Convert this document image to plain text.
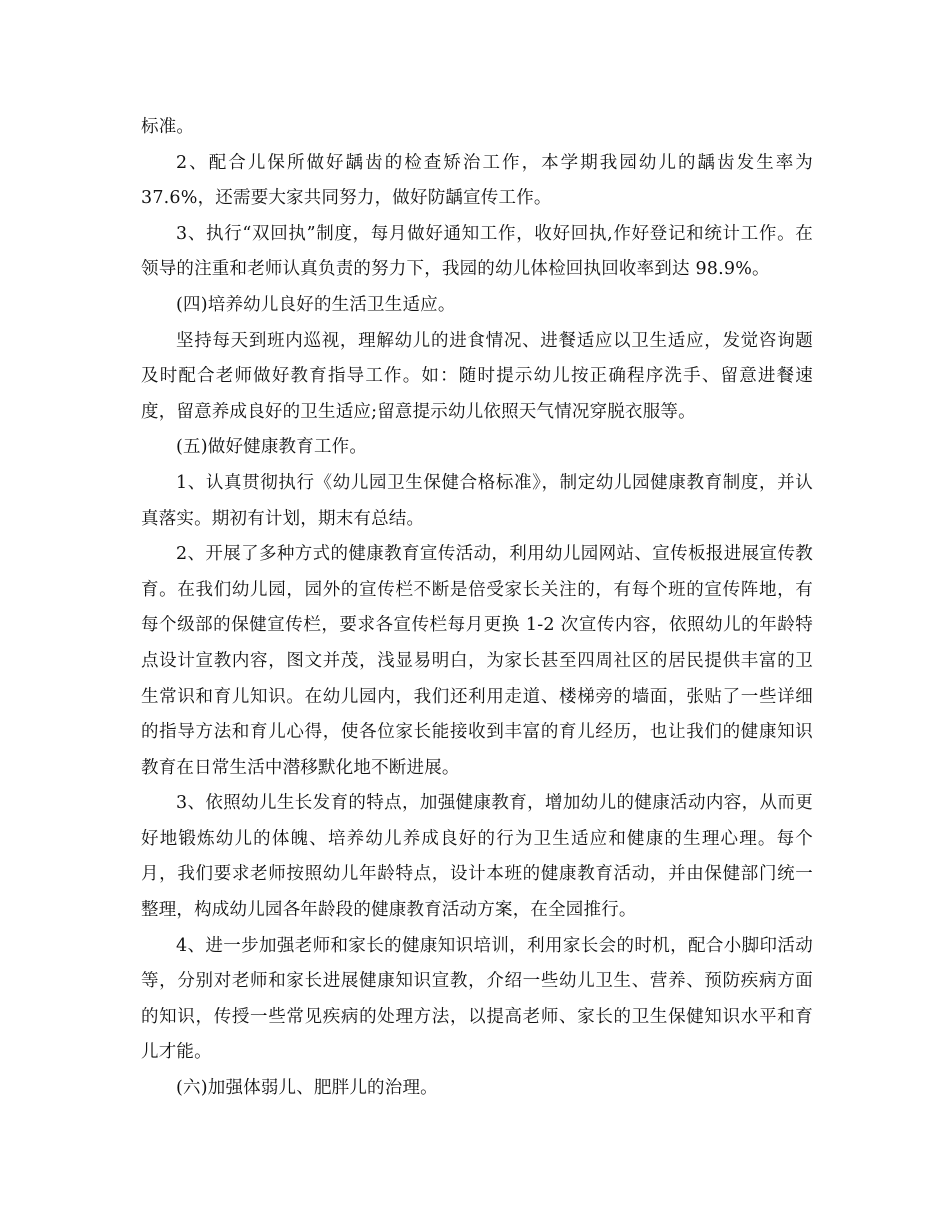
标准。

2、配合儿保所做好龋齿的检查矫治工作，本学期我园幼儿的龋齿发生率为37.6%，还需要大家共同努力，做好防龋宣传工作。

3、执行“双回执”制度，每月做好通知工作，收好回执,作好登记和统计工作。在领导的注重和老师认真负责的努力下，我园的幼儿体检回执回收率到达 98.9%。

(四)培养幼儿良好的生活卫生适应。

坚持每天到班内巡视，理解幼儿的进食情况、进餐适应以卫生适应，发觉咨询题及时配合老师做好教育指导工作。如：随时提示幼儿按正确程序洗手、留意进餐速度，留意养成良好的卫生适应;留意提示幼儿依照天气情况穿脱衣服等。

(五)做好健康教育工作。

1、认真贯彻执行《幼儿园卫生保健合格标准》，制定幼儿园健康教育制度，并认真落实。期初有计划，期末有总结。

2、开展了多种方式的健康教育宣传活动，利用幼儿园网站、宣传板报进展宣传教育。在我们幼儿园，园外的宣传栏不断是倍受家长关注的，有每个班的宣传阵地，有每个级部的保健宣传栏，要求各宣传栏每月更换 1-2 次宣传内容，依照幼儿的年龄特点设计宣教内容，图文并茂，浅显易明白，为家长甚至四周社区的居民提供丰富的卫生常识和育儿知识。在幼儿园内，我们还利用走道、楼梯旁的墙面，张贴了一些详细的指导方法和育儿心得，使各位家长能接收到丰富的育儿经历，也让我们的健康知识教育在日常生活中潜移默化地不断进展。

3、依照幼儿生长发育的特点，加强健康教育，增加幼儿的健康活动内容，从而更好地锻炼幼儿的体魄、培养幼儿养成良好的行为卫生适应和健康的生理心理。每个月，我们要求老师按照幼儿年龄特点，设计本班的健康教育活动，并由保健部门统一整理，构成幼儿园各年龄段的健康教育活动方案，在全园推行。

4、进一步加强老师和家长的健康知识培训，利用家长会的时机，配合小脚印活动等，分别对老师和家长进展健康知识宣教，介绍一些幼儿卫生、营养、预防疾病方面的知识，传授一些常见疾病的处理方法，以提高老师、家长的卫生保健知识水平和育儿才能。

(六)加强体弱儿、肥胖儿的治理。
